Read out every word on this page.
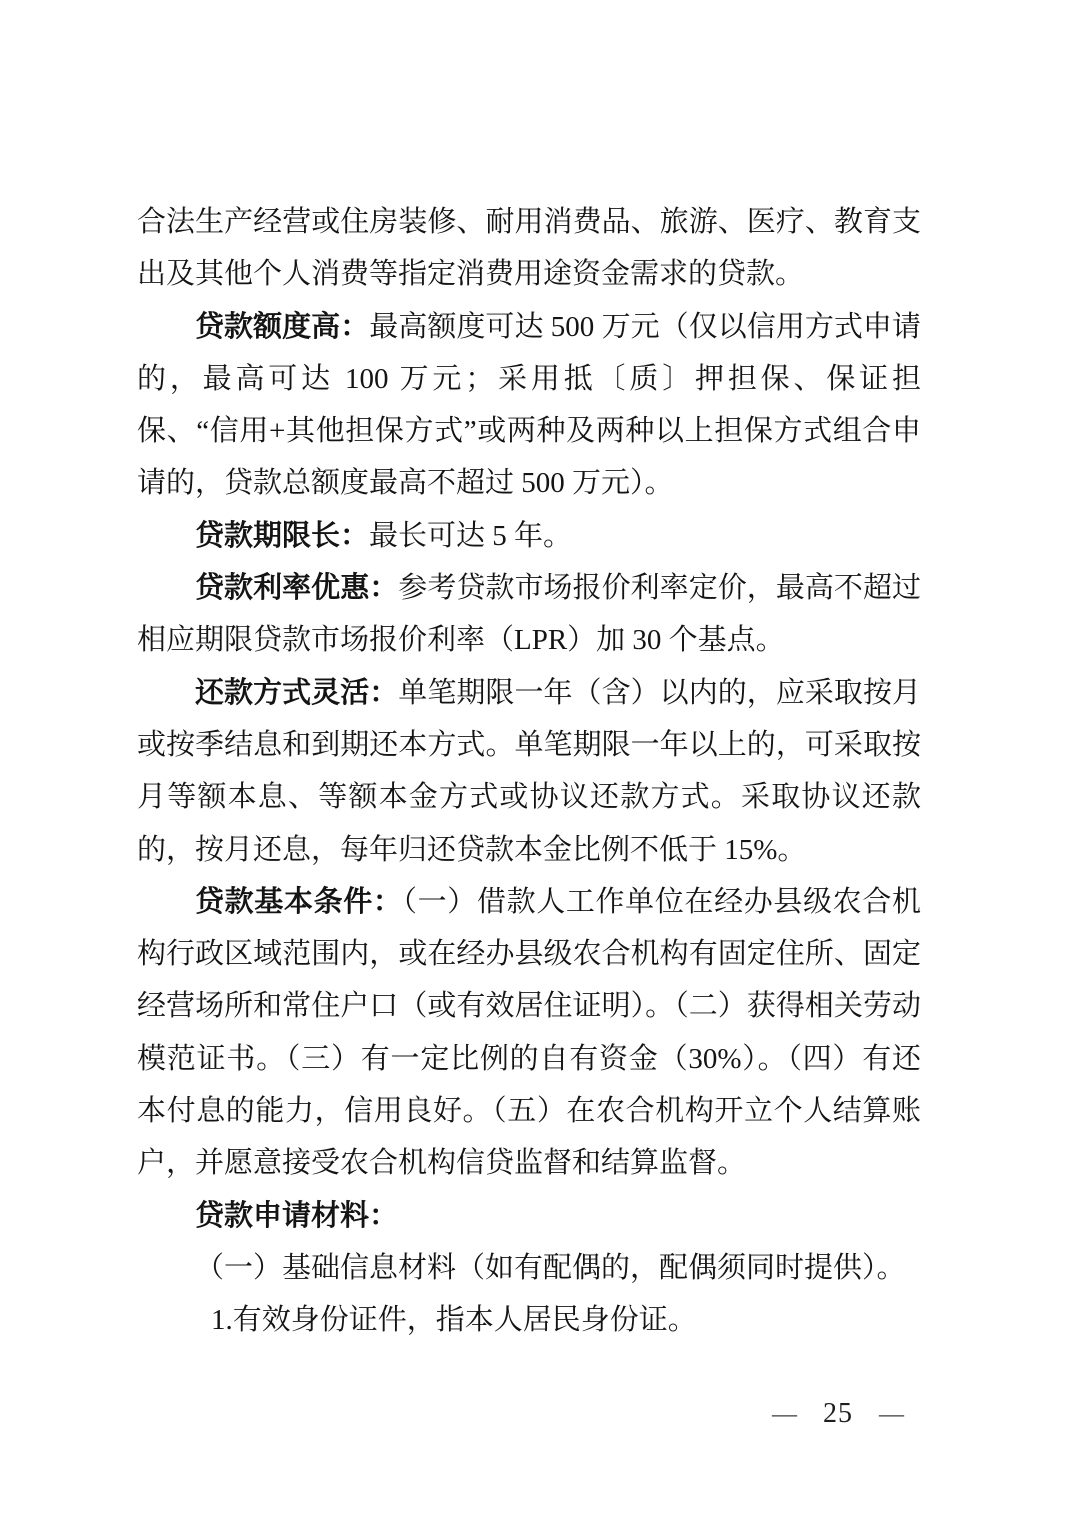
合法生产经营或住房装修、耐用消费品、旅游、医疗、教育支出及其他个人消费等指定消费用途资金需求的贷款。

贷款额度高：最高额度可达 500 万元（仅以信用方式申请的，最高可达 100 万元；采用抵〔质〕押担保、保证担保、“信用+其他担保方式”或两种及两种以上担保方式组合申请的，贷款总额度最高不超过 500 万元）。

贷款期限长：最长可达 5 年。

贷款利率优惠：参考贷款市场报价利率定价，最高不超过相应期限贷款市场报价利率（LPR）加 30 个基点。

还款方式灵活：单笔期限一年（含）以内的，应采取按月或按季结息和到期还本方式。单笔期限一年以上的，可采取按月等额本息、等额本金方式或协议还款方式。采取协议还款的，按月还息，每年归还贷款本金比例不低于 15%。

贷款基本条件：（一）借款人工作单位在经办县级农合机构行政区域范围内，或在经办县级农合机构有固定住所、固定经营场所和常住户口（或有效居住证明）。（二）获得相关劳动模范证书。（三）有一定比例的自有资金（30%）。（四）有还本付息的能力，信用良好。（五）在农合机构开立个人结算账户，并愿意接受农合机构信贷监督和结算监督。

贷款申请材料：

（一）基础信息材料（如有配偶的，配偶须同时提供）。

1.有效身份证件，指本人居民身份证。

— 25 —
